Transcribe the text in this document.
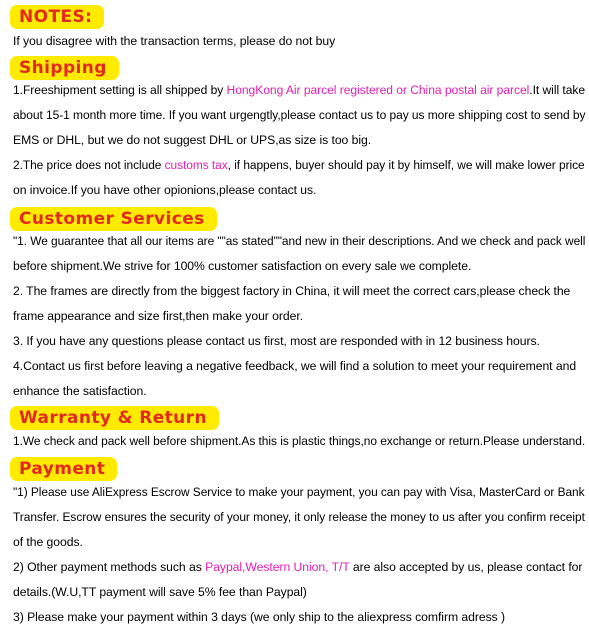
NOTES:
If you disagree with the transaction terms, please do not buy
Shipping
1.Freeshipment setting is all shipped by HongKong Air parcel registered or China postal air parcel.It will take
about 15-1 month more time. If you want urgengtly,please contact us to pay us more shipping cost to send by
EMS or DHL, but we do not suggest DHL or UPS,as size is too big.
2.The price does not include customs tax, if happens, buyer should pay it by himself, we will make lower price
on invoice.If you have other opionions,please contact us.
Customer Services
"1. We guarantee that all our items are ""as stated""and new in their descriptions. And we check and pack well
before shipment.We strive for 100% customer satisfaction on every sale we complete.
2. The frames are directly from the biggest factory in China, it will meet the correct cars,please check the
frame appearance and size first,then make your order.
3. If you have any questions please contact us first, most are responded with in 12 business hours.
4.Contact us first before leaving a negative feedback, we will find a solution to meet your requirement and
enhance the satisfaction.
Warranty & Return
1.We check and pack well before shipment.As this is plastic things,no exchange or return.Please understand.
Payment
"1) Please use AliExpress Escrow Service to make your payment, you can pay with Visa, MasterCard or Bank
Transfer. Escrow ensures the security of your money, it only release the money to us after you confirm receipt
of the goods.
2) Other payment methods such as Paypal,Western Union, T/T are also accepted by us, please contact for
details.(W.U,TT payment will save 5% fee than Paypal)
3) Please make your payment within 3 days (we only ship to the aliexpress comfirm adress )
